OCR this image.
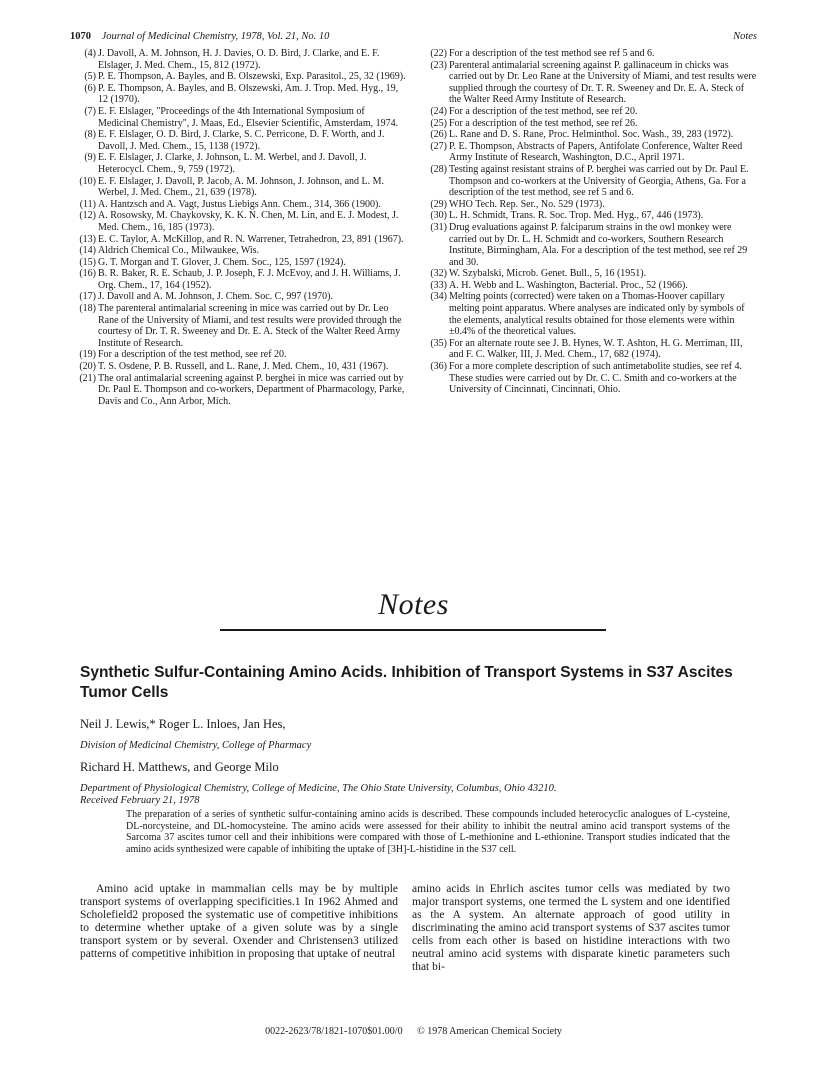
1070 Journal of Medicinal Chemistry, 1978, Vol. 21, No. 10	Notes

(4) J. Davoll, A. M. Johnson, H. J. Davies, O. D. Bird, J. Clarke, and E. F. Elslager, J. Med. Chem., 15, 812 (1972).

(5) P. E. Thompson, A. Bayles, and B. Olszewski, Exp. Parasitol., 25, 32 (1969).

(6) P. E. Thompson, A. Bayles, and B. Olszewski, Am. J. Trop. Med. Hyg., 19, 12 (1970).

(7) E. F. Elslager, "Proceedings of the 4th International Symposium of Medicinal Chemistry", J. Maas, Ed., Elsevier Scientific, Amsterdam, 1974.

(8) E. F. Elslager, O. D. Bird, J. Clarke, S. C. Perricone, D. F. Worth, and J. Davoll, J. Med. Chem., 15, 1138 (1972).

(9) E. F. Elslager, J. Clarke, J. Johnson, L. M. Werbel, and J. Davoll, J. Heterocycl. Chem., 9, 759 (1972).

(10) E. F. Elslager, J. Davoll, P. Jacob, A. M. Johnson, J. Johnson, and L. M. Werbel, J. Med. Chem., 21, 639 (1978).

(11) A. Hantzsch and A. Vagt, Justus Liebigs Ann. Chem., 314, 366 (1900).

(12) A. Rosowsky, M. Chaykovsky, K. K. N. Chen, M. Lin, and E. J. Modest, J. Med. Chem., 16, 185 (1973).

(13) E. C. Taylor, A. McKillop, and R. N. Warrener, Tetrahedron, 23, 891 (1967).

(14) Aldrich Chemical Co., Milwaukee, Wis.

(15) G. T. Morgan and T. Glover, J. Chem. Soc., 125, 1597 (1924).

(16) B. R. Baker, R. E. Schaub, J. P. Joseph, F. J. McEvoy, and J. H. Williams, J. Org. Chem., 17, 164 (1952).

(17) J. Davoll and A. M. Johnson, J. Chem. Soc. C, 997 (1970).

(18) The parenteral antimalarial screening in mice was carried out by Dr. Leo Rane of the University of Miami, and test results were provided through the courtesy of Dr. T. R. Sweeney and Dr. E. A. Steck of the Walter Reed Army Institute of Research.

(19) For a description of the test method, see ref 20.

(20) T. S. Osdene, P. B. Russell, and L. Rane, J. Med. Chem., 10, 431 (1967).

(21) The oral antimalarial screening against P. berghei in mice was carried out by Dr. Paul E. Thompson and co-workers, Department of Pharmacology, Parke, Davis and Co., Ann Arbor, Mich.

(22) For a description of the test method see ref 5 and 6.

(23) Parenteral antimalarial screening against P. gallinaceum in chicks was carried out by Dr. Leo Rane at the University of Miami, and test results were supplied through the courtesy of Dr. T. R. Sweeney and Dr. E. A. Steck of the Walter Reed Army Institute of Research.

(24) For a description of the test method, see ref 20.

(25) For a description of the test method, see ref 26.

(26) L. Rane and D. S. Rane, Proc. Helminthol. Soc. Wash., 39, 283 (1972).

(27) P. E. Thompson, Abstracts of Papers, Antifolate Conference, Walter Reed Army Institute of Research, Washington, D.C., April 1971.

(28) Testing against resistant strains of P. berghei was carried out by Dr. Paul E. Thompson and co-workers at the University of Georgia, Athens, Ga. For a description of the test method, see ref 5 and 6.

(29) WHO Tech. Rep. Ser., No. 529 (1973).

(30) L. H. Schmidt, Trans. R. Soc. Trop. Med. Hyg., 67, 446 (1973).

(31) Drug evaluations against P. falciparum strains in the owl monkey were carried out by Dr. L. H. Schmidt and co-workers, Southern Research Institute, Birmingham, Ala. For a description of the test method, see ref 29 and 30.

(32) W. Szybalski, Microb. Genet. Bull., 5, 16 (1951).

(33) A. H. Webb and L. Washington, Bacterial. Proc., 52 (1966).

(34) Melting points (corrected) were taken on a Thomas-Hoover capillary melting point apparatus. Where analyses are indicated only by symbols of the elements, analytical results obtained for those elements were within ±0.4% of the theoretical values.

(35) For an alternate route see J. B. Hynes, W. T. Ashton, H. G. Merriman, III, and F. C. Walker, III, J. Med. Chem., 17, 682 (1974).

(36) For a more complete description of such antimetabolite studies, see ref 4. These studies were carried out by Dr. C. C. Smith and co-workers at the University of Cincinnati, Cincinnati, Ohio.

Notes
Synthetic Sulfur-Containing Amino Acids. Inhibition of Transport Systems in S37 Ascites Tumor Cells
Neil J. Lewis,* Roger L. Inloes, Jan Hes,
Division of Medicinal Chemistry, College of Pharmacy
Richard H. Matthews, and George Milo
Department of Physiological Chemistry, College of Medicine, The Ohio State University, Columbus, Ohio 43210.
Received February 21, 1978
The preparation of a series of synthetic sulfur-containing amino acids is described. These compounds included heterocyclic analogues of L-cysteine, DL-norcysteine, and DL-homocysteine. The amino acids were assessed for their ability to inhibit the neutral amino acid transport systems of the Sarcoma 37 ascites tumor cell and their inhibitions were compared with those of L-methionine and L-ethionine. Transport studies indicated that the amino acids synthesized were capable of inhibiting the uptake of [3H]-L-histidine in the S37 cell.
Amino acid uptake in mammalian cells may be by multiple transport systems of overlapping specificities.1 In 1962 Ahmed and Scholefield2 proposed the systematic use of competitive inhibitions to determine whether uptake of a given solute was by a single transport system or by several. Oxender and Christensen3 utilized patterns of competitive inhibition in proposing that uptake of neutral
amino acids in Ehrlich ascites tumor cells was mediated by two major transport systems, one termed the L system and one identified as the A system. An alternate approach of good utility in discriminating the amino acid transport systems of S37 ascites tumor cells from each other is based on histidine interactions with two neutral amino acid systems with disparate kinetic parameters such that bi-
0022-2623/78/1821-1070$01.00/0 © 1978 American Chemical Society
